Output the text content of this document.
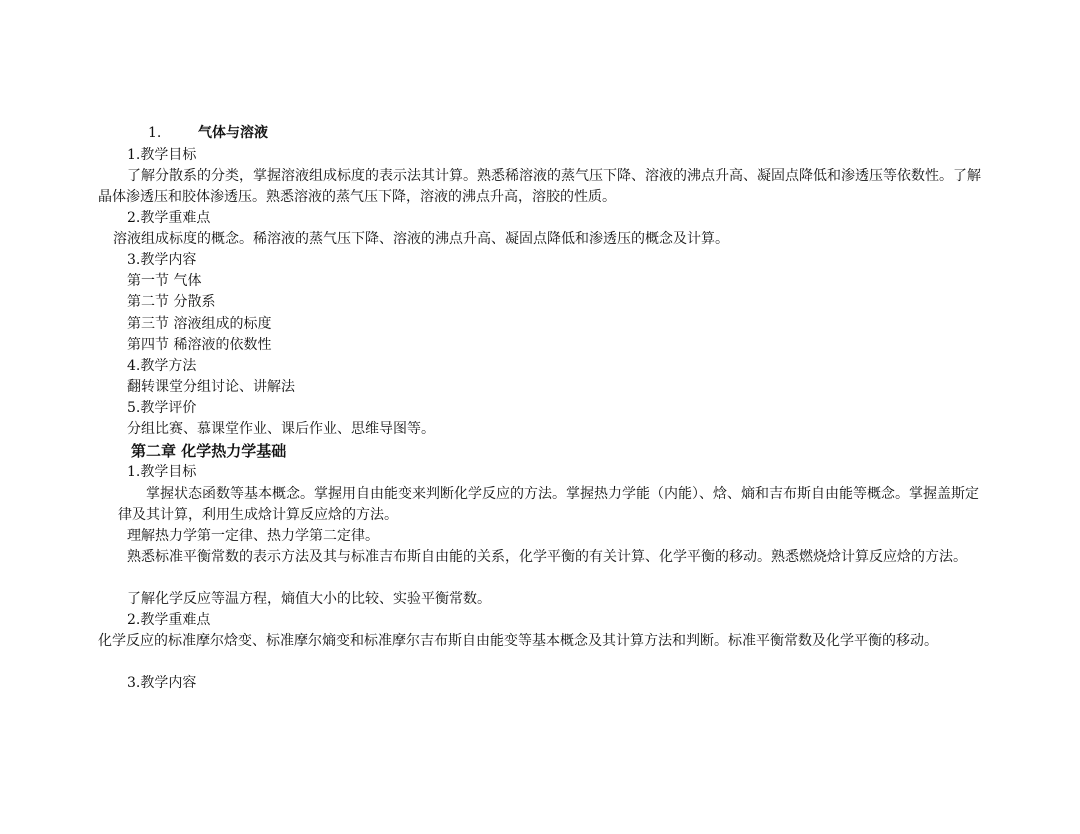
1.	气体与溶液
1.教学目标
了解分散系的分类，掌握溶液组成标度的表示法其计算。熟悉稀溶液的蒸气压下降、溶液的沸点升高、凝固点降低和渗透压等依数性。了解晶体渗透压和胶体渗透压。熟悉溶液的蒸气压下降，溶液的沸点升高，溶胶的性质。
2.教学重难点
溶液组成标度的概念。稀溶液的蒸气压下降、溶液的沸点升高、凝固点降低和渗透压的概念及计算。
3.教学内容
第一节 气体
第二节 分散系
第三节 溶液组成的标度
第四节 稀溶液的依数性
4.教学方法
翻转课堂分组讨论、讲解法
5.教学评价
分组比赛、慕课堂作业、课后作业、思维导图等。
第二章 化学热力学基础
1.教学目标
掌握状态函数等基本概念。掌握用自由能变来判断化学反应的方法。掌握热力学能（内能）、焓、熵和吉布斯自由能等概念。掌握盖斯定律及其计算，利用生成焓计算反应焓的方法。
理解热力学第一定律、热力学第二定律。
熟悉标准平衡常数的表示方法及其与标准吉布斯自由能的关系，化学平衡的有关计算、化学平衡的移动。熟悉燃烧焓计算反应焓的方法。
了解化学反应等温方程，熵值大小的比较、实验平衡常数。
2.教学重难点
化学反应的标准摩尔焓变、标准摩尔熵变和标准摩尔吉布斯自由能变等基本概念及其计算方法和判断。标准平衡常数及化学平衡的移动。
3.教学内容
